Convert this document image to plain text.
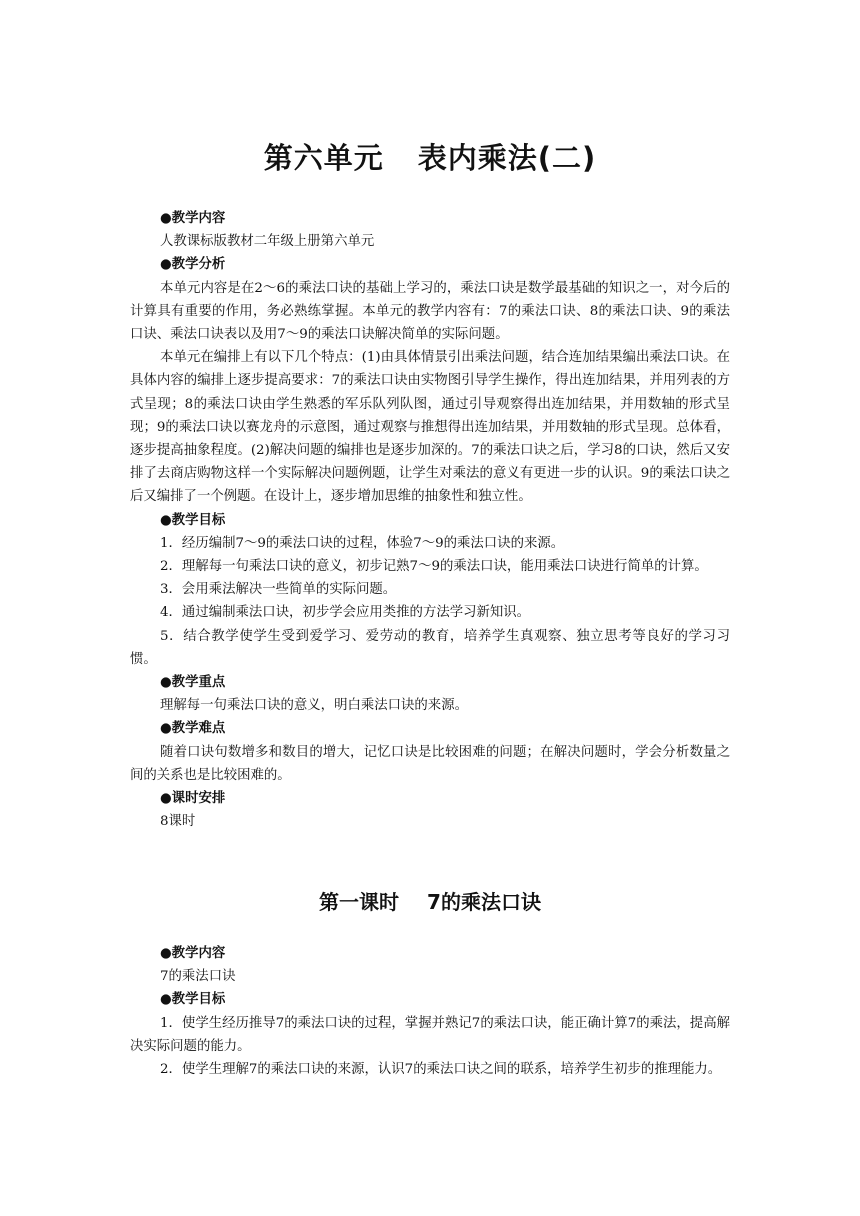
第六单元 表内乘法(二)
●教学内容

人教课标版教材二年级上册第六单元

●教学分析

本单元内容是在2～6的乘法口诀的基础上学习的，乘法口诀是数学最基础的知识之一，对今后的计算具有重要的作用，务必熟练掌握。本单元的教学内容有：7的乘法口诀、8的乘法口诀、9的乘法口诀、乘法口诀表以及用7～9的乘法口诀解决简单的实际问题。

本单元在编排上有以下几个特点：(1)由具体情景引出乘法问题，结合连加结果编出乘法口诀。在具体内容的编排上逐步提高要求：7的乘法口诀由实物图引导学生操作，得出连加结果，并用列表的方式呈现；8的乘法口诀由学生熟悉的军乐队列队图，通过引导观察得出连加结果，并用数轴的形式呈现；9的乘法口诀以赛龙舟的示意图，通过观察与推想得出连加结果，并用数轴的形式呈现。总体看，逐步提高抽象程度。(2)解决问题的编排也是逐步加深的。7的乘法口诀之后，学习8的口诀，然后又安排了去商店购物这样一个实际解决问题例题，让学生对乘法的意义有更进一步的认识。9的乘法口诀之后又编排了一个例题。在设计上，逐步增加思维的抽象性和独立性。

●教学目标

1．经历编制7～9的乘法口诀的过程，体验7～9的乘法口诀的来源。

2．理解每一句乘法口诀的意义，初步记熟7～9的乘法口诀，能用乘法口诀进行简单的计算。

3．会用乘法解决一些简单的实际问题。

4．通过编制乘法口诀，初步学会应用类推的方法学习新知识。

5．结合教学使学生受到爱学习、爱劳动的教育，培养学生真观察、独立思考等良好的学习习惯。

●教学重点

理解每一句乘法口诀的意义，明白乘法口诀的来源。

●教学难点

随着口诀句数增多和数目的增大，记忆口诀是比较困难的问题；在解决问题时，学会分析数量之间的关系也是比较困难的。

●课时安排

8课时

第一课时 7的乘法口诀
●教学内容

7的乘法口诀

●教学目标

1．使学生经历推导7的乘法口诀的过程，掌握并熟记7的乘法口诀，能正确计算7的乘法，提高解决实际问题的能力。

2．使学生理解7的乘法口诀的来源，认识7的乘法口诀之间的联系，培养学生初步的推理能力。
